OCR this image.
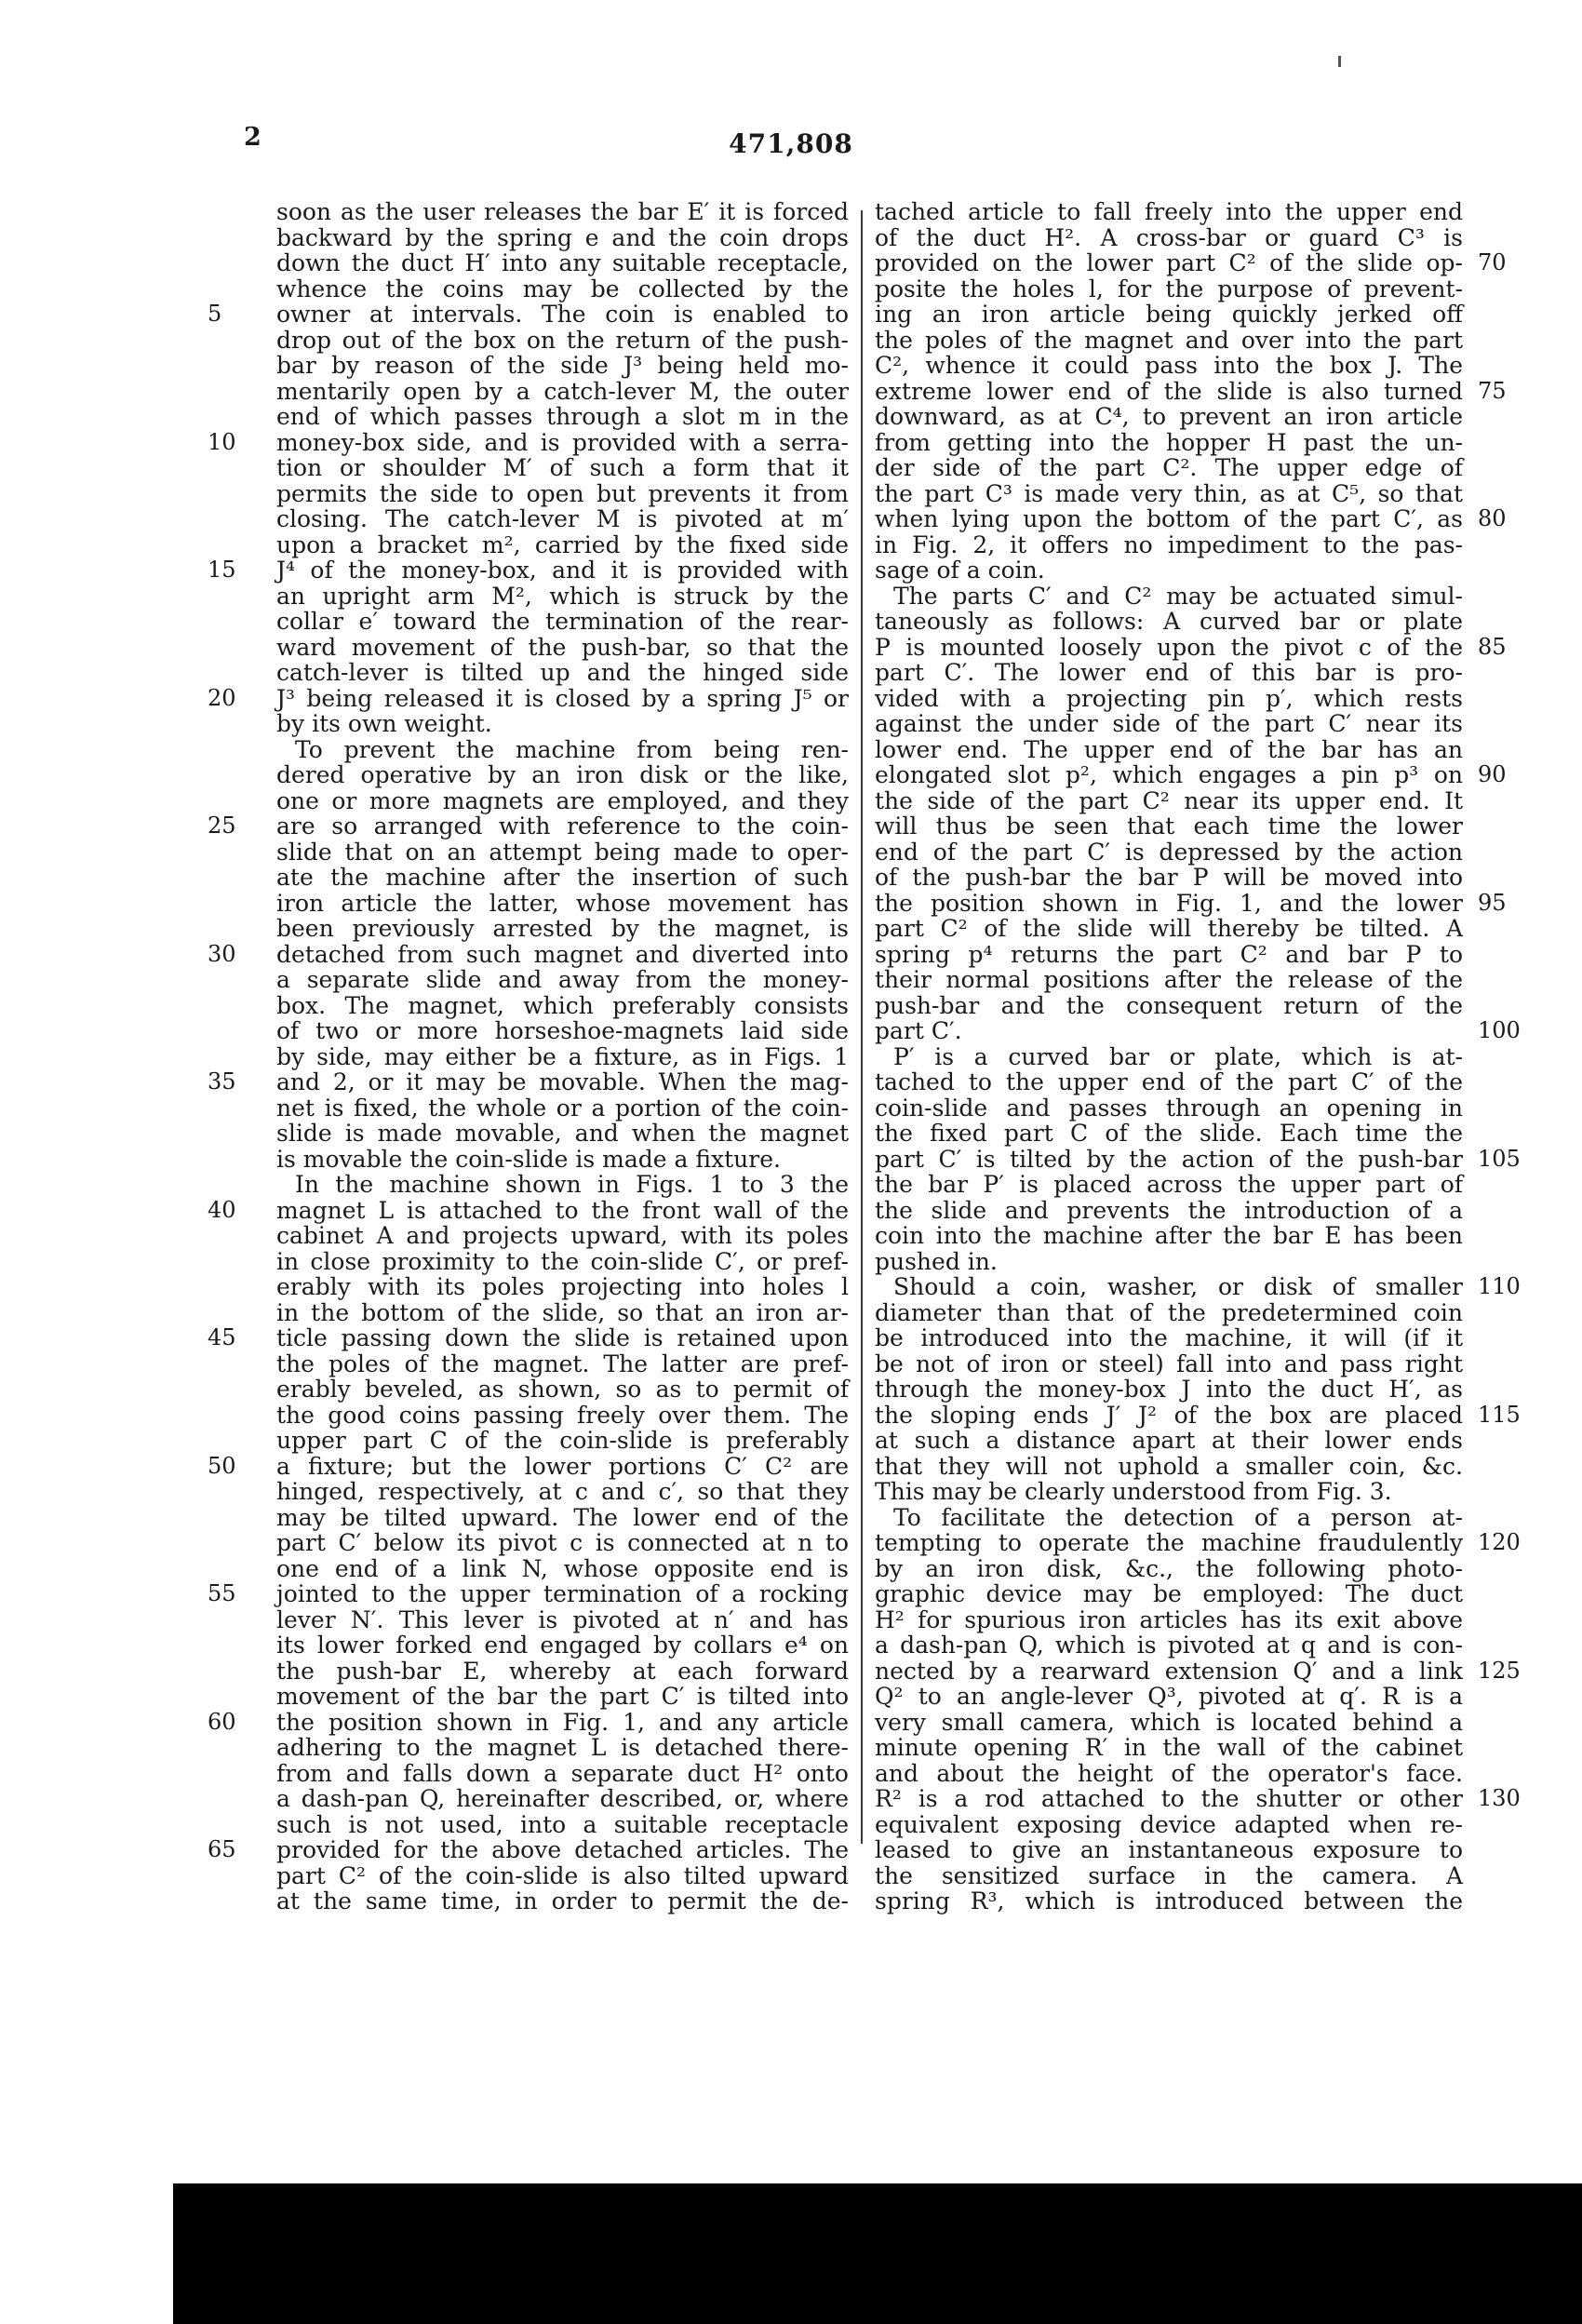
2	471,808
soon as the user releases the bar E′ it is forced
backward by the spring e and the coin drops
down the duct H′ into any suitable receptacle,
whence the coins may be collected by the
owner at intervals. The coin is enabled to
5
drop out of the box on the return of the push-
bar by reason of the side J³ being held mo-
mentarily open by a catch-lever M, the outer
end of which passes through a slot m in the
money-box side, and is provided with a serra-
10
tion or shoulder M′ of such a form that it
permits the side to open but prevents it from
closing. The catch-lever M is pivoted at m′
upon a bracket m², carried by the fixed side
J⁴ of the money-box, and it is provided with
15
an upright arm M², which is struck by the
collar e′ toward the termination of the rear-
ward movement of the push-bar, so that the
catch-lever is tilted up and the hinged side
J³ being released it is closed by a spring J⁵ or
20
by its own weight.
To prevent the machine from being ren-
dered operative by an iron disk or the like,
one or more magnets are employed, and they
are so arranged with reference to the coin-
25
slide that on an attempt being made to oper-
ate the machine after the insertion of such
iron article the latter, whose movement has
been previously arrested by the magnet, is
detached from such magnet and diverted into
30
a separate slide and away from the money-
box. The magnet, which preferably consists
of two or more horseshoe-magnets laid side
by side, may either be a fixture, as in Figs. 1
and 2, or it may be movable. When the mag-
35
net is fixed, the whole or a portion of the coin-
slide is made movable, and when the magnet
is movable the coin-slide is made a fixture.
In the machine shown in Figs. 1 to 3 the
magnet L is attached to the front wall of the
40
cabinet A and projects upward, with its poles
in close proximity to the coin-slide C′, or pref-
erably with its poles projecting into holes l
in the bottom of the slide, so that an iron ar-
ticle passing down the slide is retained upon
45
the poles of the magnet. The latter are pref-
erably beveled, as shown, so as to permit of
the good coins passing freely over them. The
upper part C of the coin-slide is preferably
a fixture; but the lower portions C′ C² are
50
hinged, respectively, at c and c′, so that they
may be tilted upward. The lower end of the
part C′ below its pivot c is connected at n to
one end of a link N, whose opposite end is
jointed to the upper termination of a rocking
55
lever N′. This lever is pivoted at n′ and has
its lower forked end engaged by collars e⁴ on
the push-bar E, whereby at each forward
movement of the bar the part C′ is tilted into
the position shown in Fig. 1, and any article
60
adhering to the magnet L is detached there-
from and falls down a separate duct H² onto
a dash-pan Q, hereinafter described, or, where
such is not used, into a suitable receptacle
provided for the above detached articles. The
65
part C² of the coin-slide is also tilted upward
at the same time, in order to permit the de-
tached article to fall freely into the upper end
of the duct H². A cross-bar or guard C³ is
provided on the lower part C² of the slide op- 70
posite the holes l, for the purpose of prevent-
ing an iron article being quickly jerked off
the poles of the magnet and over into the part
C², whence it could pass into the box J. The
extreme lower end of the slide is also turned 75
downward, as at C⁴, to prevent an iron article
from getting into the hopper H past the un-
der side of the part C². The upper edge of
the part C³ is made very thin, as at C⁵, so that
when lying upon the bottom of the part C′, as 80
in Fig. 2, it offers no impediment to the pas-
sage of a coin.
The parts C′ and C² may be actuated simul-
taneously as follows: A curved bar or plate
P is mounted loosely upon the pivot c of the 85
part C′. The lower end of this bar is pro-
vided with a projecting pin p′, which rests
against the under side of the part C′ near its
lower end. The upper end of the bar has an
elongated slot p², which engages a pin p³ on 90
the side of the part C² near its upper end. It
will thus be seen that each time the lower
end of the part C′ is depressed by the action
of the push-bar the bar P will be moved into
the position shown in Fig. 1, and the lower 95
part C² of the slide will thereby be tilted. A
spring p⁴ returns the part C² and bar P to
their normal positions after the release of the
push-bar and the consequent return of the
part C′.	100
P′ is a curved bar or plate, which is at-
tached to the upper end of the part C′ of the
coin-slide and passes through an opening in
the fixed part C of the slide. Each time the
part C′ is tilted by the action of the push-bar 105
the bar P′ is placed across the upper part of
the slide and prevents the introduction of a
coin into the machine after the bar E has been
pushed in.
Should a coin, washer, or disk of smaller 110
diameter than that of the predetermined coin
be introduced into the machine, it will (if it
be not of iron or steel) fall into and pass right
through the money-box J into the duct H′, as
the sloping ends J′ J² of the box are placed 115
at such a distance apart at their lower ends
that they will not uphold a smaller coin, &c.
This may be clearly understood from Fig. 3.
To facilitate the detection of a person at-
tempting to operate the machine fraudulently 120
by an iron disk, &c., the following photo-
graphic device may be employed: The duct
H² for spurious iron articles has its exit above
a dash-pan Q, which is pivoted at q and is con-
nected by a rearward extension Q′ and a link 125
Q² to an angle-lever Q³, pivoted at q′. R is a
very small camera, which is located behind a
minute opening R′ in the wall of the cabinet
and about the height of the operator's face.
R² is a rod attached to the shutter or other 130
equivalent exposing device adapted when re-
leased to give an instantaneous exposure to
the sensitized surface in the camera. A
spring R³, which is introduced between the
